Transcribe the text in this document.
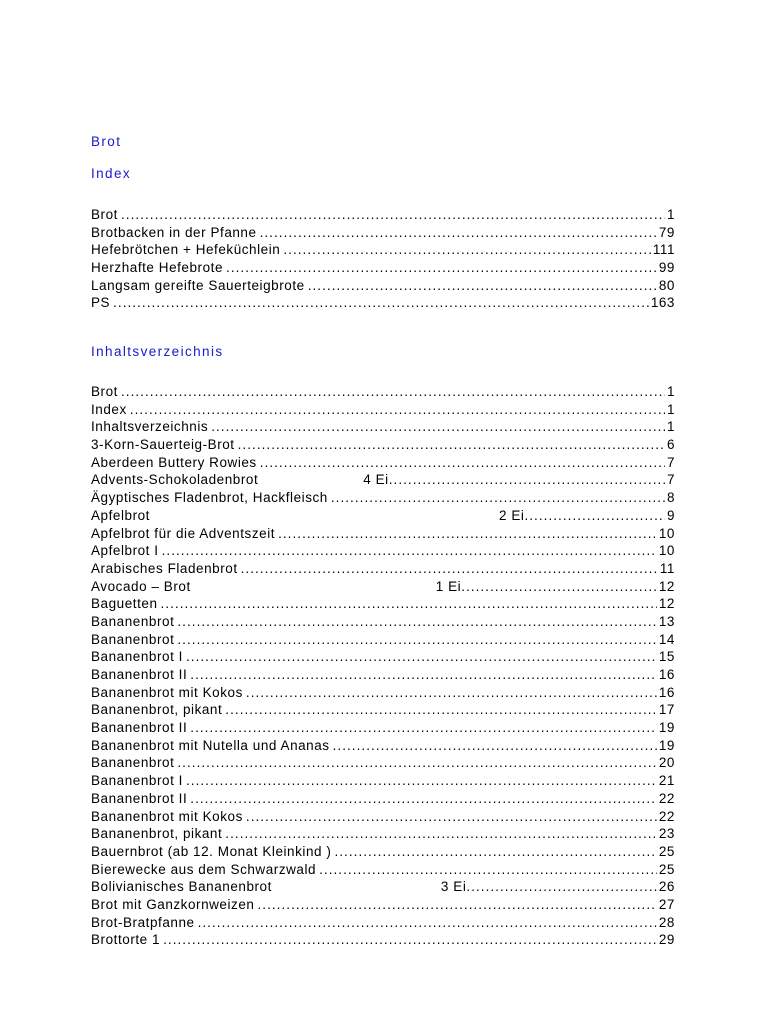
Brot
Index
Brot .....	1
Brotbacken in der Pfanne .....	79
Hefebrötchen + Hefeküchlein .....	111
Herzhafte Hefebrote .....	99
Langsam gereifte Sauerteigbrote .....	80
PS .....	163
Inhaltsverzeichnis
Brot .....	1
Index .....	1
Inhaltsverzeichnis .....	1
3-Korn-Sauerteig-Brot .....	6
Aberdeen Buttery Rowies .....	7
Advents-Schokoladenbrot	4 Ei .....	7
Ägyptisches Fladenbrot, Hackfleisch .....	8
Apfelbrot	2 Ei .....	9
Apfelbrot für die Adventszeit .....	10
Apfelbrot I .....	10
Arabisches Fladenbrot .....	11
Avocado – Brot	1 Ei .....	12
Baguetten .....	12
Bananenbrot .....	13
Bananenbrot .....	14
Bananenbrot I .....	15
Bananenbrot II .....	16
Bananenbrot mit Kokos .....	16
Bananenbrot, pikant .....	17
Bananenbrot II .....	19
Bananenbrot mit Nutella und Ananas .....	19
Bananenbrot .....	20
Bananenbrot I .....	21
Bananenbrot II .....	22
Bananenbrot mit Kokos .....	22
Bananenbrot, pikant .....	23
Bauernbrot (ab 12. Monat Kleinkind ) .....	25
Bierewecke aus dem Schwarzwald .....	25
Bolivianisches Bananenbrot	3 Ei .....	26
Brot mit Ganzkornweizen .....	27
Brot-Bratpfanne .....	28
Brottorte 1 .....	29
